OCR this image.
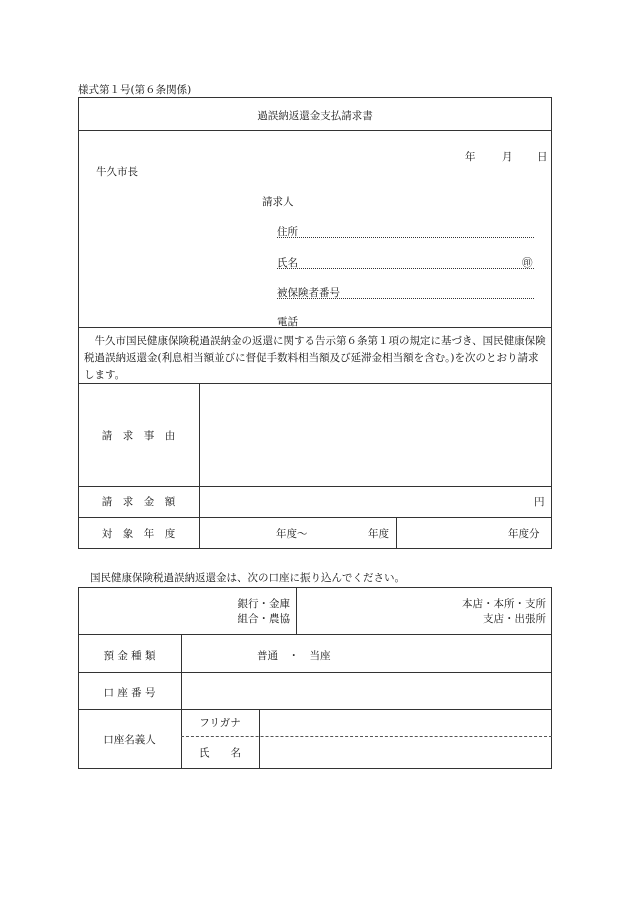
様式第１号(第６条関係)
過誤納返還金支払請求書
年	月 日
牛久市長
請求人
住所
氏名	㊞
被保険者番号
電話
　牛久市国民健康保険税過誤納金の返還に関する告示第６条第１項の規定に基づき、国民健康保険税過誤納返還金(利息相当額並びに督促手数料相当額及び延滞金相当額を含む。)を次のとおり請求します。
請　求　事　由
請　求　金　額	円
対　象　年　度	年度～	年度	年度分
国民健康保険税過誤納返還金は、次の口座に振り込んでください。
銀行・金庫
組合・農協
本店・本所・支所
支店・出張所
預 金 種 類	普通　・　当座
口 座 番 号
口座名義人
フリガナ
氏　　名
